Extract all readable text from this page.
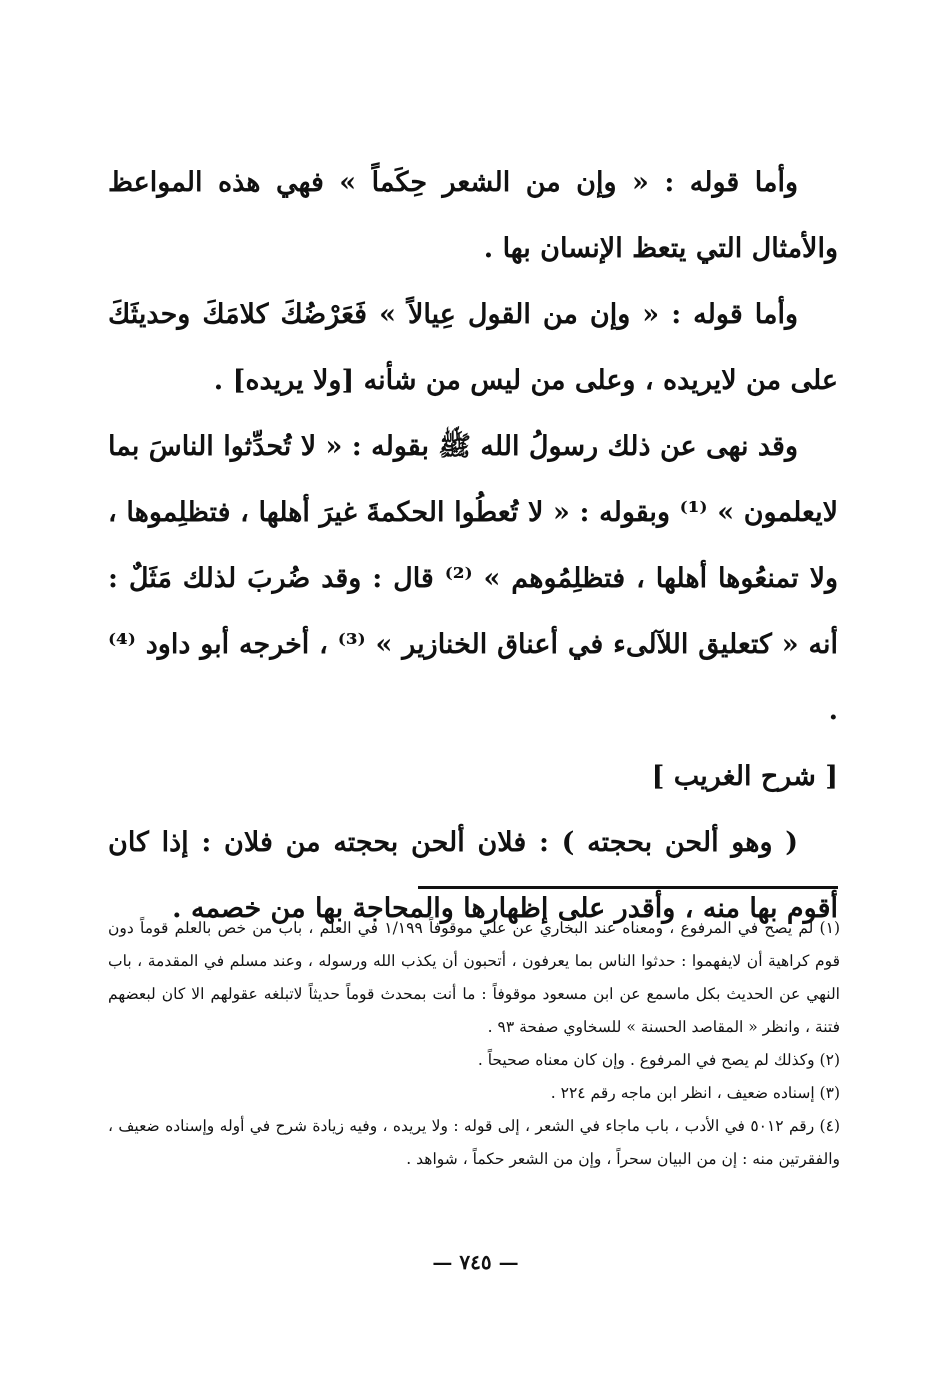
وأما قوله : « وإن من الشعر حِكَماً » فهي هذه المواعظ والأمثال التي يتعظ الإنسان بها .

وأما قوله : « وإن من القول عِيالاً » فَعَرْضُكَ كلامَكَ وحديثَكَ على من لايريده ، وعلى من ليس من شأنه [ولا يريده] .

وقد نهى عن ذلك رسولُ الله ﷺ بقوله : « لا تُحدِّثوا الناسَ بما لايعلمون » ⁽¹⁾ وبقوله : « لا تُعطُوا الحكمةَ غيرَ أهلها ، فتظلِموها ، ولا تمنعُوها أهلها ، فتظلِمُوهم » ⁽²⁾ قال : وقد ضُربَ لذلك مَثَلٌ : أنه « كتعليق اللآلىء في أعناق الخنازير » ⁽³⁾ ، أخرجه أبو داود ⁽⁴⁾ .

[ شرح الغريب ]

( وهو ألحن بحجته ) : فلان ألحن بحجته من فلان : إذا كان أقوم بها منه ، وأقدر على إظهارها والمحاجة بها من خصمه .

(١) لم يصح في المرفوع ، ومعناه عند البخاري عن علي موقوفاً ١/١٩٩ في العلم ، باب من خص بالعلم قوماً دون قوم كراهية أن لايفهموا : حدثوا الناس بما يعرفون ، أتحبون أن يكذب الله ورسوله ، وعند مسلم في المقدمة ، باب النهي عن الحديث بكل ماسمع عن ابن مسعود موقوفاً : ما أنت بمحدث قوماً حديثاً لاتبلغه عقولهم الا كان لبعضهم فتنة ، وانظر « المقاصد الحسنة » للسخاوي صفحة ٩٣ .

(٢) وكذلك لم يصح في المرفوع . وإن كان معناه صحيحاً .

(٣) إسناده ضعيف ، انظر ابن ماجه رقم ٢٢٤ .

(٤) رقم ٥٠١٢ في الأدب ، باب ماجاء في الشعر ، إلى قوله : ولا يريده ، وفيه زيادة شرح في أوله وإسناده ضعيف ، والفقرتين منه : إن من البيان سحراً ، وإن من الشعر حكماً ، شواهد .

— ٧٤٥ —
